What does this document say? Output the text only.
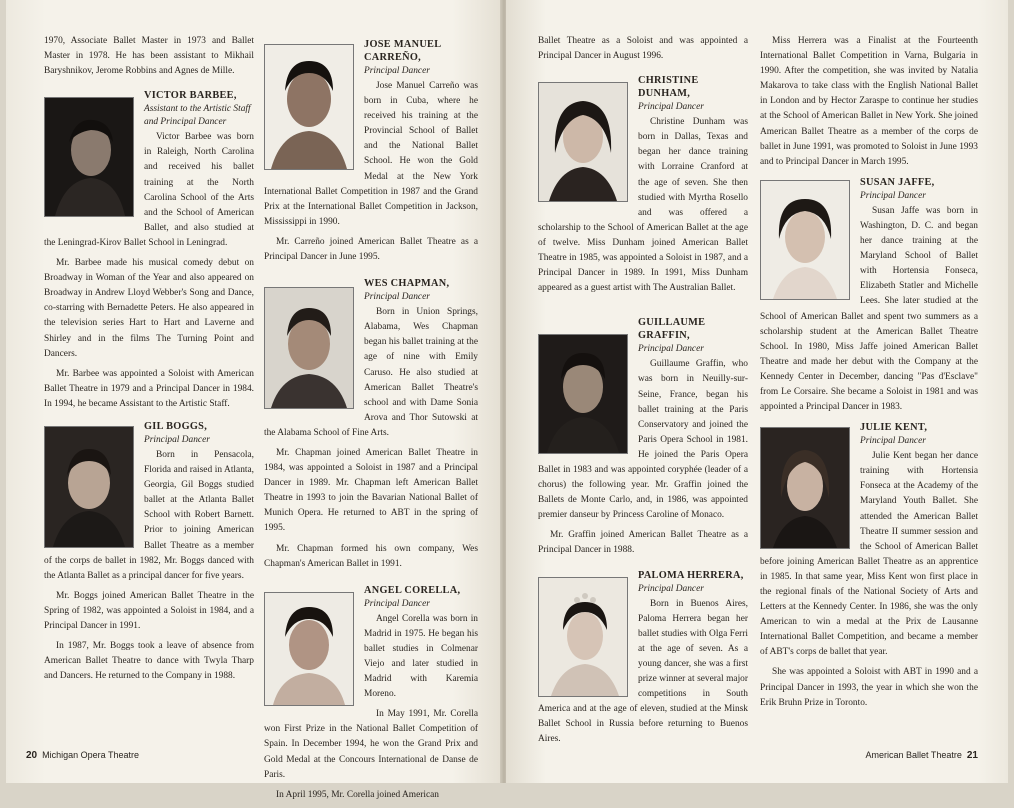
1970, Associate Ballet Master in 1973 and Ballet Master in 1978. He has been assistant to Mikhail Baryshnikov, Jerome Robbins and Agnes de Mille.

VICTOR BARBEE,
Assistant to the Artistic Staff and Principal Dancer

Victor Barbee was born in Raleigh, North Carolina and received his ballet training at the North Carolina School of the Arts and the School of American Ballet, and also studied at the Leningrad-Kirov Ballet School in Leningrad.

Mr. Barbee made his musical comedy debut on Broadway in Woman of the Year and also appeared on Broadway in Andrew Lloyd Webber's Song and Dance, co-starring with Bernadette Peters. He also appeared in the television series Hart to Hart and Laverne and Shirley and in the films The Turning Point and Dancers.

Mr. Barbee was appointed a Soloist with American Ballet Theatre in 1979 and a Principal Dancer in 1984. In 1994, he became Assistant to the Artistic Staff.

GIL BOGGS,
Principal Dancer

Born in Pensacola, Florida and raised in Atlanta, Georgia, Gil Boggs studied ballet at the Atlanta Ballet School with Robert Barnett. Prior to joining American Ballet Theatre as a member of the corps de ballet in 1982, Mr. Boggs danced with the Atlanta Ballet as a principal dancer for five years.

Mr. Boggs joined American Ballet Theatre in the Spring of 1982, was appointed a Soloist in 1984, and a Principal Dancer in 1991.

In 1987, Mr. Boggs took a leave of absence from American Ballet Theatre to dance with Twyla Tharp and Dancers. He returned to the Company in 1988.

JOSE MANUEL CARREÑO,
Principal Dancer

Jose Manuel Carreño was born in Cuba, where he received his training at the Provincial School of Ballet and the National Ballet School. He won the Gold Medal at the New York International Ballet Competition in 1987 and the Grand Prix at the International Ballet Competition in Jackson, Mississippi in 1990.

Mr. Carreño joined American Ballet Theatre as a Principal Dancer in June 1995.

WES CHAPMAN,
Principal Dancer

Born in Union Springs, Alabama, Wes Chapman began his ballet training at the age of nine with Emily Caruso. He also studied at American Ballet Theatre's school and with Dame Sonia Arova and Thor Sutowski at the Alabama School of Fine Arts.

Mr. Chapman joined American Ballet Theatre in 1984, was appointed a Soloist in 1987 and a Principal Dancer in 1989. Mr. Chapman left American Ballet Theatre in 1993 to join the Bavarian National Ballet of Munich Opera. He returned to ABT in the spring of 1995.

Mr. Chapman formed his own company, Wes Chapman's American Ballet in 1991.

ANGEL CORELLA,
Principal Dancer

Angel Corella was born in Madrid in 1975. He began his ballet studies in Colmenar Viejo and later studied in Madrid with Karemia Moreno.

In May 1991, Mr. Corella won First Prize in the National Ballet Competition of Spain. In December 1994, he won the Grand Prix and Gold Medal at the Concours International de Danse de Paris.

In April 1995, Mr. Corella joined American

20 Michigan Opera Theatre

Ballet Theatre as a Soloist and was appointed a Principal Dancer in August 1996.

CHRISTINE DUNHAM,
Principal Dancer

Christine Dunham was born in Dallas, Texas and began her dance training with Lorraine Cranford at the age of seven. She then studied with Myrtha Rosello and was offered a scholarship to the School of American Ballet at the age of twelve. Miss Dunham joined American Ballet Theatre in 1985, was appointed a Soloist in 1987, and a Principal Dancer in 1989. In 1991, Miss Dunham appeared as a guest artist with The Australian Ballet.

GUILLAUME GRAFFIN,
Principal Dancer

Guillaume Graffin, who was born in Neuilly-sur-Seine, France, began his ballet training at the Paris Conservatory and joined the Paris Opera School in 1981. He joined the Paris Opera Ballet in 1983 and was appointed coryphée (leader of a chorus) the following year. Mr. Graffin joined the Ballets de Monte Carlo, and, in 1986, was appointed premier danseur by Princess Caroline of Monaco.

Mr. Graffin joined American Ballet Theatre as a Principal Dancer in 1988.

PALOMA HERRERA,
Principal Dancer

Born in Buenos Aires, Paloma Herrera began her ballet studies with Olga Ferri at the age of seven. As a young dancer, she was a first prize winner at several major competitions in South America and at the age of eleven, studied at the Minsk Ballet School in Russia before returning to Buenos Aires.

Miss Herrera was a Finalist at the Fourteenth International Ballet Competition in Varna, Bulgaria in 1990. After the competition, she was invited by Natalia Makarova to take class with the English National Ballet in London and by Hector Zaraspe to continue her studies at the School of American Ballet in New York. She joined American Ballet Theatre as a member of the corps de ballet in June 1991, was promoted to Soloist in June 1993 and to Principal Dancer in March 1995.

SUSAN JAFFE,
Principal Dancer

Susan Jaffe was born in Washington, D. C. and began her dance training at the Maryland School of Ballet with Hortensia Fonseca, Elizabeth Statler and Michelle Lees. She later studied at the School of American Ballet and spent two summers as a scholarship student at the American Ballet Theatre School. In 1980, Miss Jaffe joined American Ballet Theatre and made her debut with the Company at the Kennedy Center in December, dancing "Pas d'Esclave" from Le Corsaire. She became a Soloist in 1981 and was appointed a Principal Dancer in 1983.

JULIE KENT,
Principal Dancer

Julie Kent began her dance training with Hortensia Fonseca at the Academy of the Maryland Youth Ballet. She attended the American Ballet Theatre II summer session and the School of American Ballet before joining American Ballet Theatre as an apprentice in 1985. In that same year, Miss Kent won first place in the regional finals of the National Society of Arts and Letters at the Kennedy Center. In 1986, she was the only American to win a medal at the Prix de Lausanne International Ballet Competition, and became a member of ABT's corps de ballet that year.

She was appointed a Soloist with ABT in 1990 and a Principal Dancer in 1993, the year in which she won the Erik Bruhn Prize in Toronto.

American Ballet Theatre 21
